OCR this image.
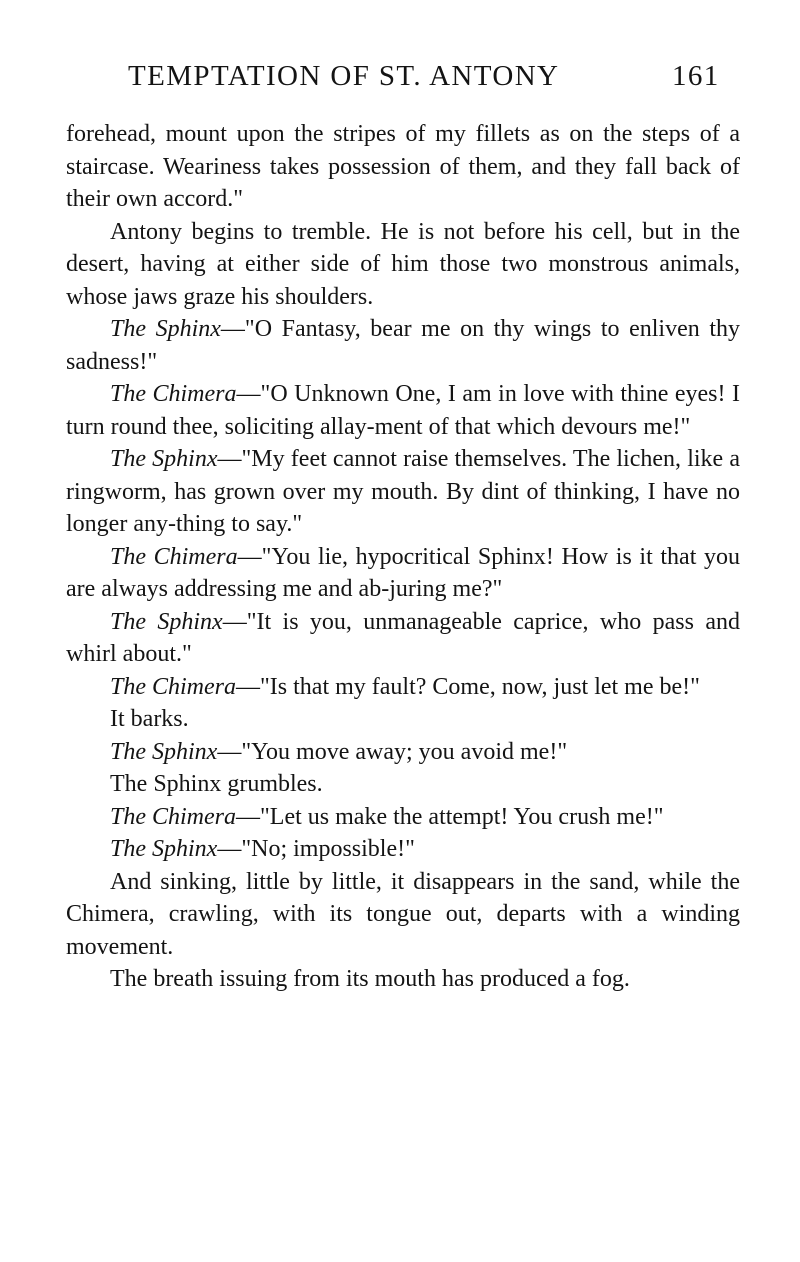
TEMPTATION OF ST. ANTONY	161

forehead, mount upon the stripes of my fillets as on the steps of a staircase. Weariness takes possession of them, and they fall back of their own accord."

Antony begins to tremble. He is not before his cell, but in the desert, having at either side of him those two monstrous animals, whose jaws graze his shoulders.

The Sphinx—"O Fantasy, bear me on thy wings to enliven thy sadness!"

The Chimera—"O Unknown One, I am in love with thine eyes! I turn round thee, soliciting allay-ment of that which devours me!"

The Sphinx—"My feet cannot raise themselves. The lichen, like a ringworm, has grown over my mouth. By dint of thinking, I have no longer any-thing to say."

The Chimera—"You lie, hypocritical Sphinx! How is it that you are always addressing me and ab-juring me?"

The Sphinx—"It is you, unmanageable caprice, who pass and whirl about."

The Chimera—"Is that my fault? Come, now, just let me be!"

It barks.

The Sphinx—"You move away; you avoid me!"

The Sphinx grumbles.

The Chimera—"Let us make the attempt! You crush me!"

The Sphinx—"No; impossible!"

And sinking, little by little, it disappears in the sand, while the Chimera, crawling, with its tongue out, departs with a winding movement.

The breath issuing from its mouth has produced a fog.
